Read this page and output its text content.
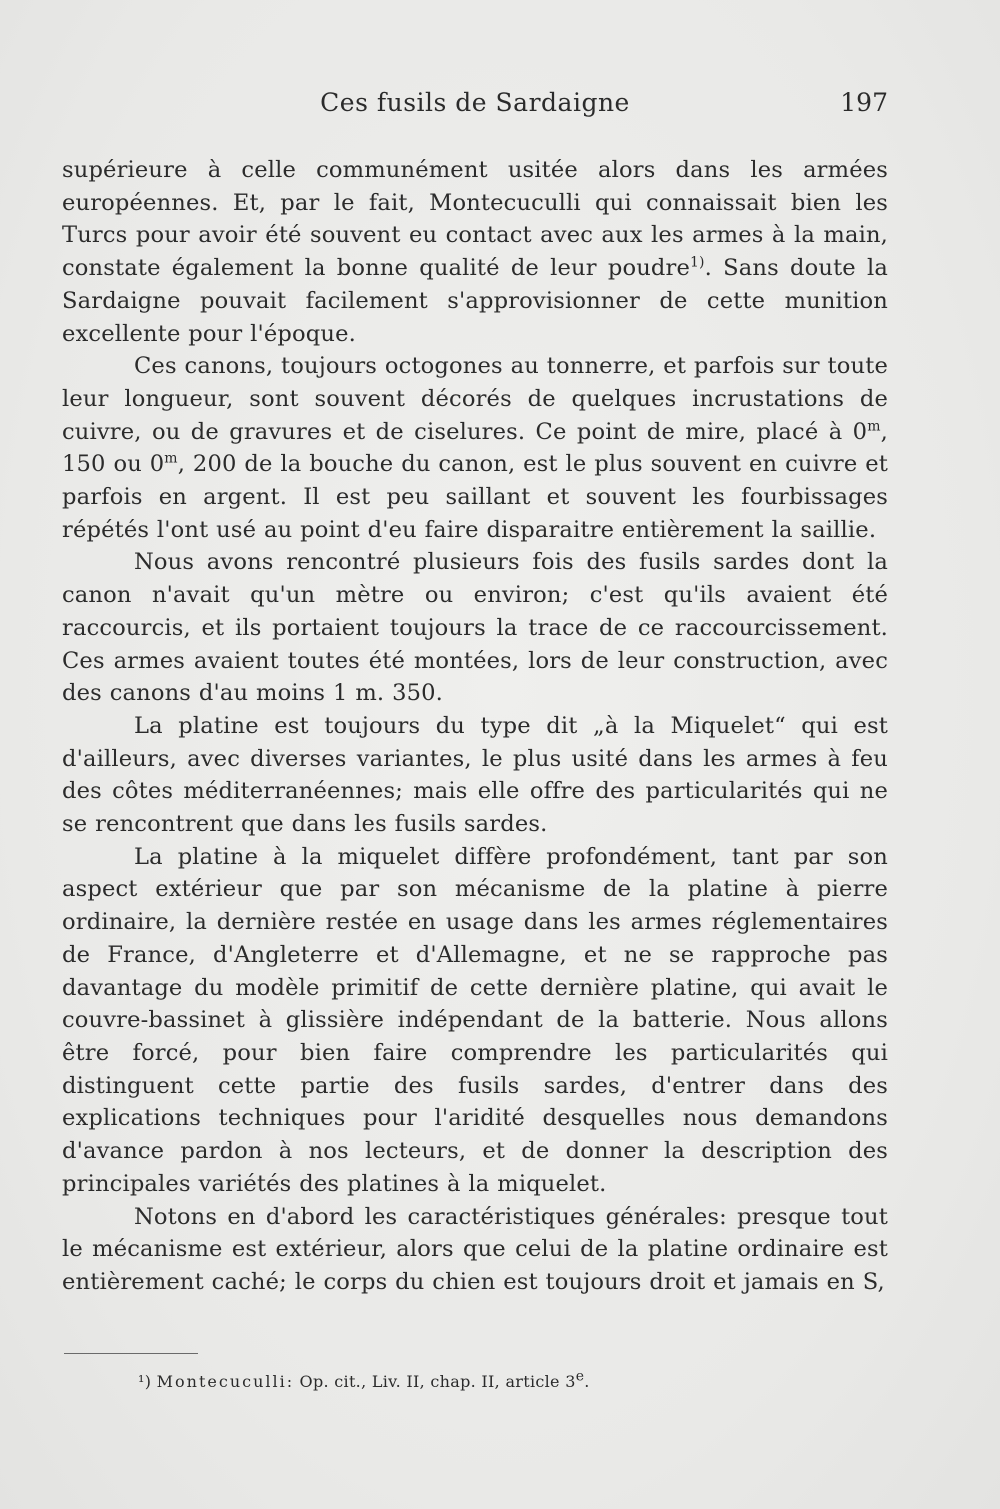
Ces fusils de Sardaigne	197

supérieure à celle communément usitée alors dans les armées européennes. Et, par le fait, Montecuculli qui connaissait bien les Turcs pour avoir été souvent eu contact avec aux les armes à la main, constate également la bonne qualité de leur poudre$^{1)}$. Sans doute la Sardaigne pouvait facilement s'approvisionner de cette munition excellente pour l'époque.

Ces canons, toujours octogones au tonnerre, et parfois sur toute leur longueur, sont souvent décorés de quelques incrustations de cuivre, ou de gravures et de ciselures. Ce point de mire, placé à 0$^m$, 150 ou 0$^m$, 200 de la bouche du canon, est le plus souvent en cuivre et parfois en argent. Il est peu saillant et souvent les fourbissages répétés l'ont usé au point d'eu faire disparaitre entièrement la saillie.

Nous avons rencontré plusieurs fois des fusils sardes dont la canon n'avait qu'un mètre ou environ; c'est qu'ils avaient été raccourcis, et ils portaient toujours la trace de ce raccourcissement. Ces armes avaient toutes été montées, lors de leur construction, avec des canons d'au moins 1 m. 350.

La platine est toujours du type dit „à la Miquelet“ qui est d'ailleurs, avec diverses variantes, le plus usité dans les armes à feu des côtes méditerranéennes; mais elle offre des particularités qui ne se rencontrent que dans les fusils sardes.

La platine à la miquelet diffère profondément, tant par son aspect extérieur que par son mécanisme de la platine à pierre ordinaire, la dernière restée en usage dans les armes réglementaires de France, d'Angleterre et d'Allemagne, et ne se rapproche pas davantage du modèle primitif de cette dernière platine, qui avait le couvre-bassinet à glissière indépendant de la batterie. Nous allons être forcé, pour bien faire comprendre les particularités qui distinguent cette partie des fusils sardes, d'entrer dans des explications techniques pour l'aridité desquelles nous demandons d'avance pardon à nos lecteurs, et de donner la description des principales variétés des platines à la miquelet.

Notons en d'abord les caractéristiques générales: presque tout le mécanisme est extérieur, alors que celui de la platine ordinaire est entièrement caché; le corps du chien est toujours droit et jamais en S,

¹) Montecuculli: Op. cit., Liv. II, chap. II, article 3e.
